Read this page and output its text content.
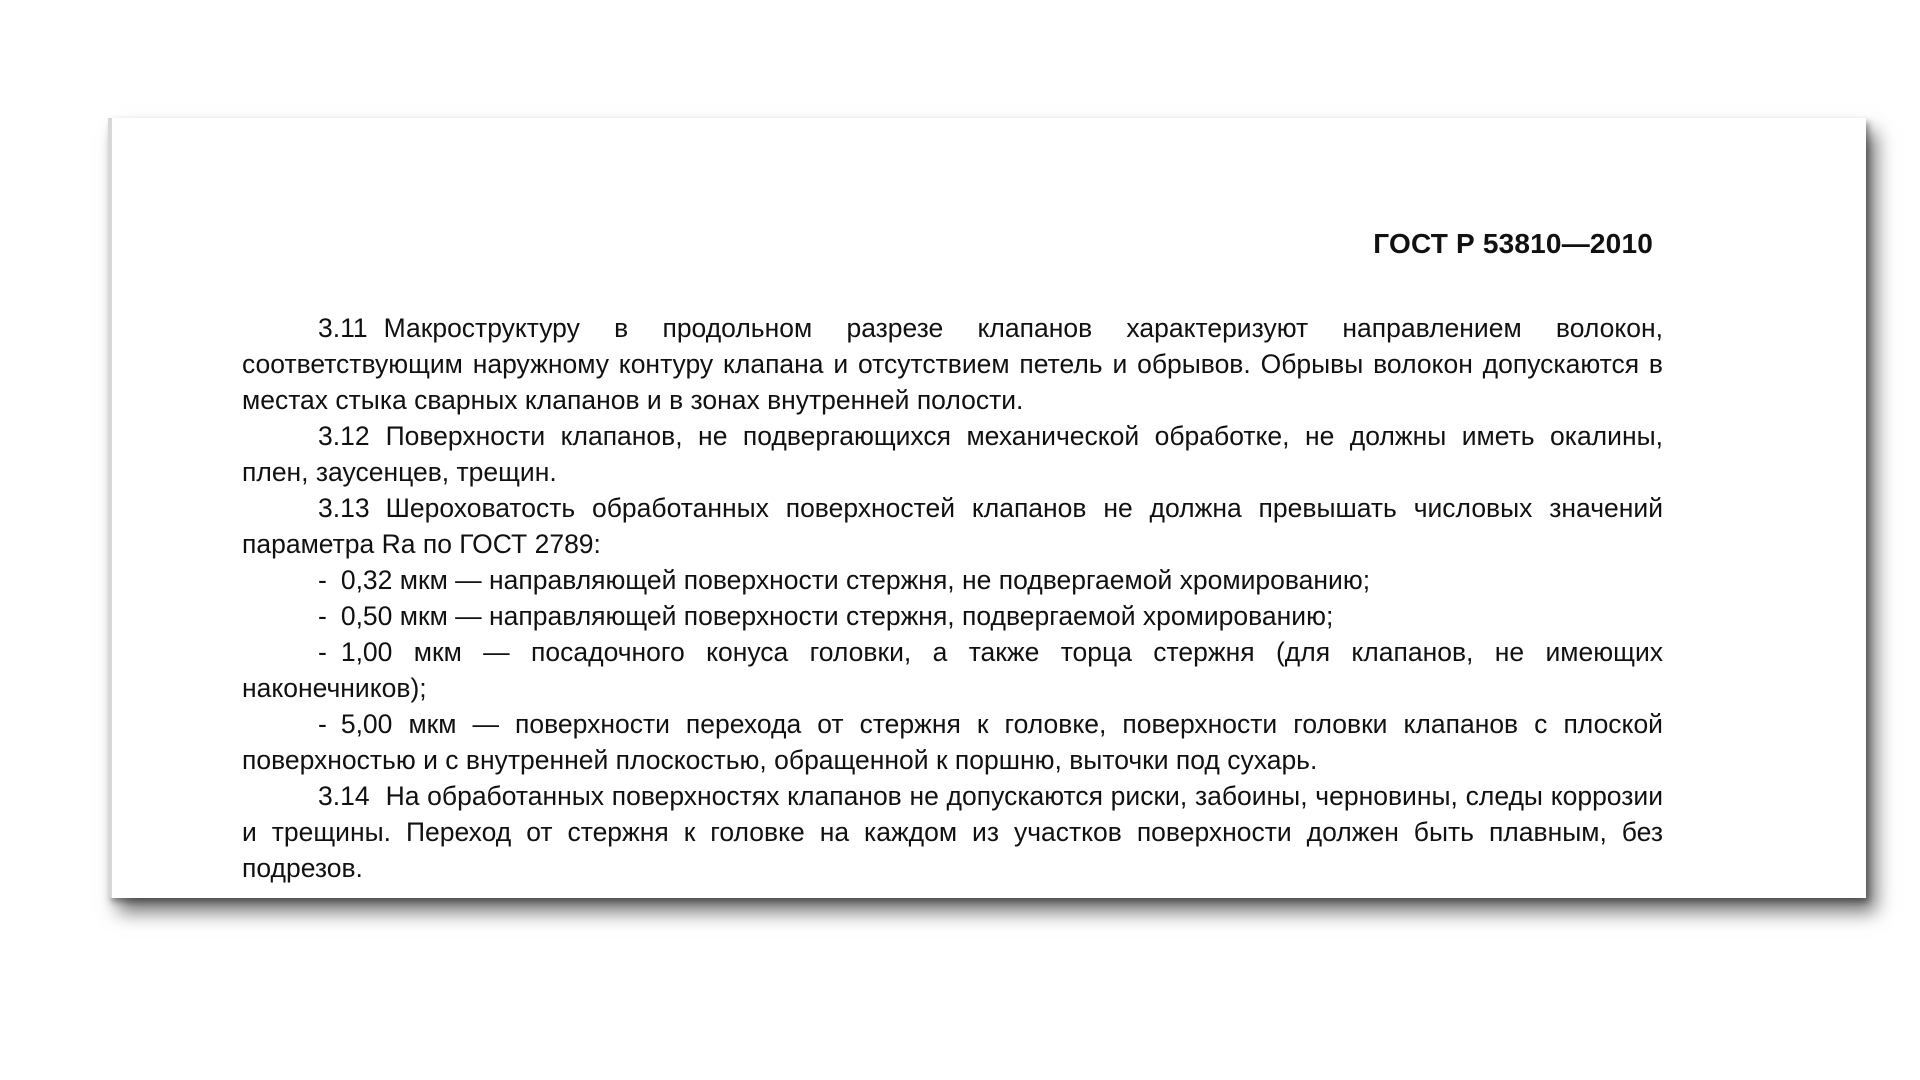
ГОСТ Р 53810—2010

3.11 Макроструктуру в продольном разрезе клапанов характеризуют направлением волокон, соответствующим наружному контуру клапана и отсутствием петель и обрывов. Обрывы волокон допускаются в местах стыка сварных клапанов и в зонах внутренней полости.

3.12 Поверхности клапанов, не подвергающихся механической обработке, не должны иметь окалины, плен, заусенцев, трещин.

3.13 Шероховатость обработанных поверхностей клапанов не должна превышать числовых значений параметра Ra по ГОСТ 2789:

- 0,32 мкм — направляющей поверхности стержня, не подвергаемой хромированию;

- 0,50 мкм — направляющей поверхности стержня, подвергаемой хромированию;

- 1,00 мкм — посадочного конуса головки, а также торца стержня (для клапанов, не имеющих наконечников);

- 5,00 мкм — поверхности перехода от стержня к головке, поверхности головки клапанов с плоской поверхностью и с внутренней плоскостью, обращенной к поршню, выточки под сухарь.

3.14 На обработанных поверхностях клапанов не допускаются риски, забоины, черновины, следы коррозии и трещины. Переход от стержня к головке на каждом из участков поверхности должен быть плавным, без подрезов.
